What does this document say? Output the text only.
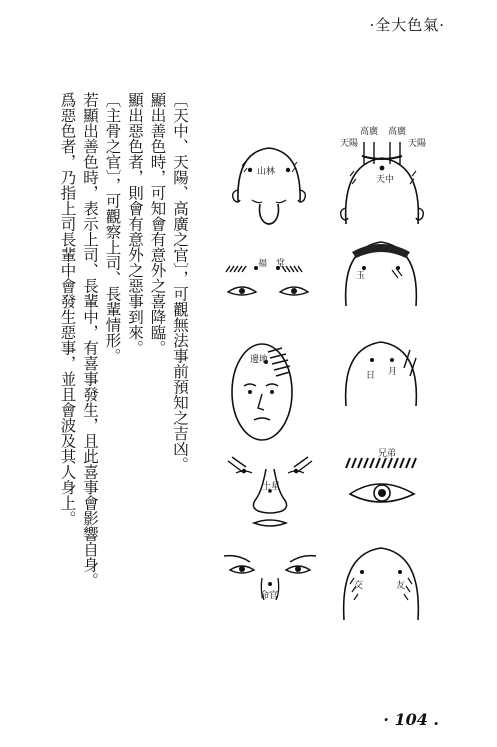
·全大色氣·

〔天中、天陽、高廣之官〕，可觀無法事前預知之吉凶。

顯出善色時，可知會有意外之喜降臨。

顯出惡色者，則會有意外之惡事到來。

〔主骨之官〕，可觀察上司、長輩情形。

若顯出善色時，表示上司、長輩中，有喜事發生，且此喜事會影響自身。

爲惡色者，乃指上司長輩中會發生惡事，並且會波及其人身上。	山林
福　堂
邊地
土星
命官
天陽
高廣 高廣
天陽
天中
玉
日 月
兄弟
交	友
· 104 .
